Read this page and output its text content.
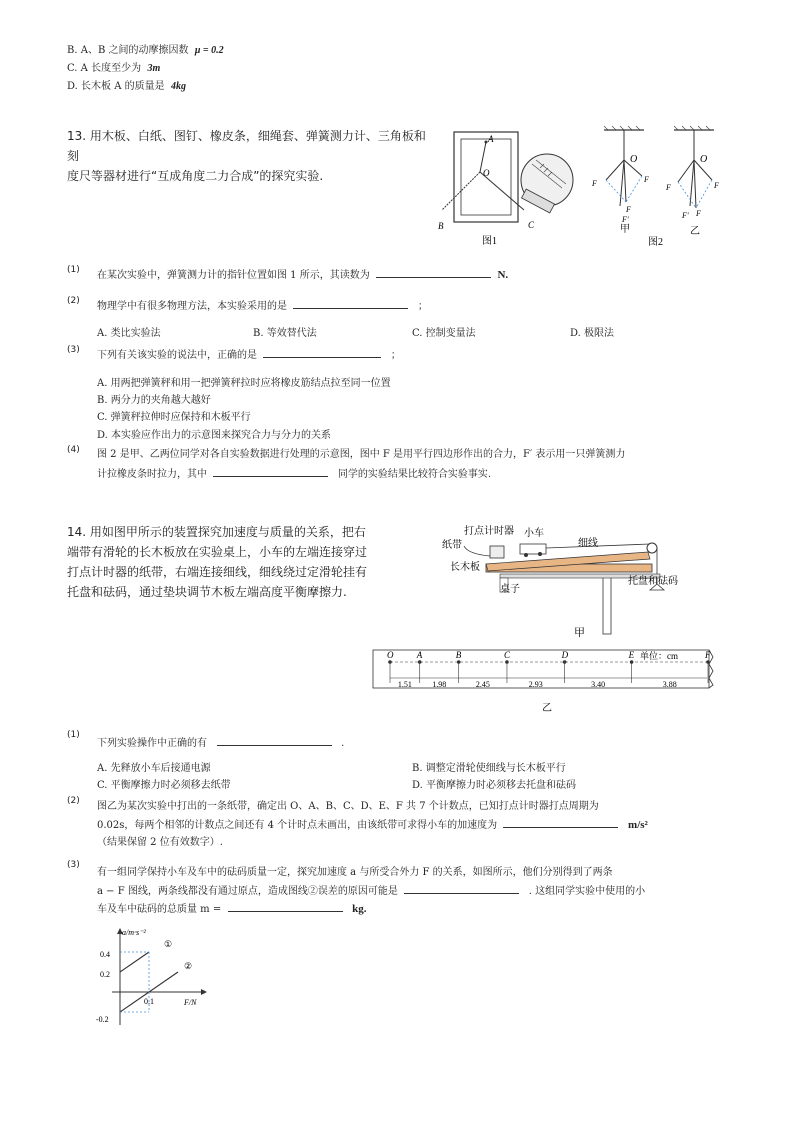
B. A、B 之间的动摩擦因数 μ = 0.2
C. A 长度至少为 3m
D. 长木板 A 的质量是 4kg
13. 用木板、白纸、图钉、橡皮条，细绳套、弹簧测力计、三角板和刻
度尺等器材进行“互成角度二力合成”的探究实验.
A
O
B	C
图1
O
F	F
F
F'
甲
O
F	F
F' F
乙
图2
(1) 在某次实验中，弹簧测力计的指针位置如图 1 所示，其读数为	N.
(2) 物理学中有很多物理方法，本实验采用的是	；
A. 类比实验法	B. 等效替代法	C. 控制变量法	D. 极限法
(3) 下列有关该实验的说法中，正确的是	；
A. 用两把弹簧秤和用一把弹簧秤拉时应将橡皮筋结点拉至同一位置
B. 两分力的夹角越大越好
C. 弹簧秤拉伸时应保持和木板平行
D. 本实验应作出力的示意图来探究合力与分力的关系
(4) 图 2 是甲、乙两位同学对各自实验数据进行处理的示意图，图中 F 是用平行四边形作出的合力，F′ 表示用一只弹簧测力
计拉橡皮条时拉力，其中	同学的实验结果比较符合实验事实.
14. 用如图甲所示的装置探究加速度与质量的关系，把右
端带有滑轮的长木板放在实验桌上，小车的左端连接穿过
打点计时器的纸带，右端连接细线，细线绕过定滑轮挂有
托盘和砝码，通过垫块调节木板左端高度平衡摩擦力.
打点计时器 小车
纸带	细线
长木板
桌子
托盘和砝码
甲
O	A	B	C	D	E	F
1.51	1.98	2.45	2.93	3.40	3.88
单位：cm
乙
(1)
下列实验操作中正确的有	.
A. 先释放小车后接通电源	B. 调整定滑轮使细线与长木板平行
C. 平衡摩擦力时必须移去纸带	D. 平衡摩擦力时必须移去托盘和砝码
(2) 图乙为某次实验中打出的一条纸带，确定出 O、A、B、C、D、E、F 共 7 个计数点，已知打点计时器打点周期为
0.02s，每两个相邻的计数点之间还有 4 个计时点未画出，由该纸带可求得小车的加速度为	m/s²
（结果保留 2 位有效数字）.
(3)
有一组同学保持小车及车中的砝码质量一定，探究加速度 a 与所受合外力 F 的关系，如图所示，他们分别得到了两条
a − F 图线，两条线都没有通过原点，造成图线②误差的原因可能是	. 这组同学实验中使用的小
车及车中砝码的总质量 m =	kg.
a/m·s⁻²
F/N
0.4
0.2
-0.2
0.1
①
②
